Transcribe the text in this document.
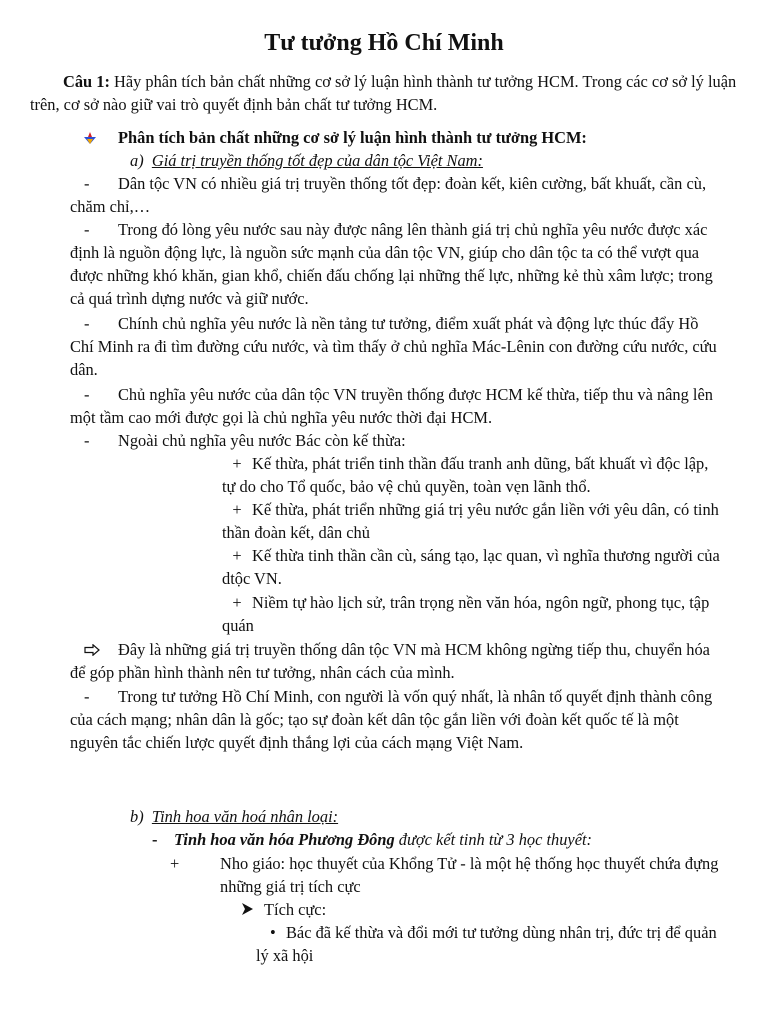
Tư tưởng Hồ Chí Minh
Câu 1: Hãy phân tích bản chất những cơ sở lý luận hình thành tư tưởng HCM. Trong các cơ sở lý luận trên, cơ sở nào giữ vai trò quyết định bản chất tư tưởng HCM.
Phân tích bản chất những cơ sở lý luận hình thành tư tưởng HCM:
a) Giá trị truyền thống tốt đẹp của dân tộc Việt Nam:
- Dân tộc VN có nhiều giá trị truyền thống tốt đẹp: đoàn kết, kiên cường, bất khuất, cần cù, chăm chỉ,…
- Trong đó lòng yêu nước sau này được nâng lên thành giá trị chủ nghĩa yêu nước được xác định là nguồn động lực, là nguồn sức mạnh của dân tộc VN, giúp cho dân tộc ta có thể vượt qua được những khó khăn, gian khổ, chiến đấu chống lại những thế lực, những kẻ thù xâm lược; trong cả quá trình dựng nước và giữ nước.
- Chính chủ nghĩa yêu nước là nền tảng tư tưởng, điểm xuất phát và động lực thúc đẩy Hồ Chí Minh ra đi tìm đường cứu nước, và tìm thấy ở chủ nghĩa Mác-Lênin con đường cứu nước, cứu dân.
- Chủ nghĩa yêu nước của dân tộc VN truyền thống được HCM kế thừa, tiếp thu và nâng lên một tầm cao mới được gọi là chủ nghĩa yêu nước thời đại HCM.
- Ngoài chủ nghĩa yêu nước Bác còn kế thừa:
+ Kế thừa, phát triển tinh thần đấu tranh anh dũng, bất khuất vì độc lập, tự do cho Tổ quốc, bảo vệ chủ quyền, toàn vẹn lãnh thổ.
+ Kế thừa, phát triển những giá trị yêu nước gắn liền với yêu dân, có tinh thần đoàn kết, dân chủ
+ Kế thừa tinh thần cần cù, sáng tạo, lạc quan, vì nghĩa thương người của dtộc VN.
+ Niềm tự hào lịch sử, trân trọng nền văn hóa, ngôn ngữ, phong tục, tập quán
Đây là những giá trị truyền thống dân tộc VN mà HCM không ngừng tiếp thu, chuyển hóa để góp phần hình thành nên tư tưởng, nhân cách của mình.
- Trong tư tưởng Hồ Chí Minh, con người là vốn quý nhất, là nhân tố quyết định thành công của cách mạng; nhân dân là gốc; tạo sự đoàn kết dân tộc gắn liền với đoàn kết quốc tế là một nguyên tắc chiến lược quyết định thắng lợi của cách mạng Việt Nam.
b) Tinh hoa văn hoá nhân loại:
- Tinh hoa văn hóa Phương Đông được kết tinh từ 3 học thuyết:
+ Nho giáo: học thuyết của Khổng Tử - là một hệ thống học thuyết chứa đựng những giá trị tích cực
Tích cực:
• Bác đã kế thừa và đổi mới tư tưởng dùng nhân trị, đức trị để quản lý xã hội
